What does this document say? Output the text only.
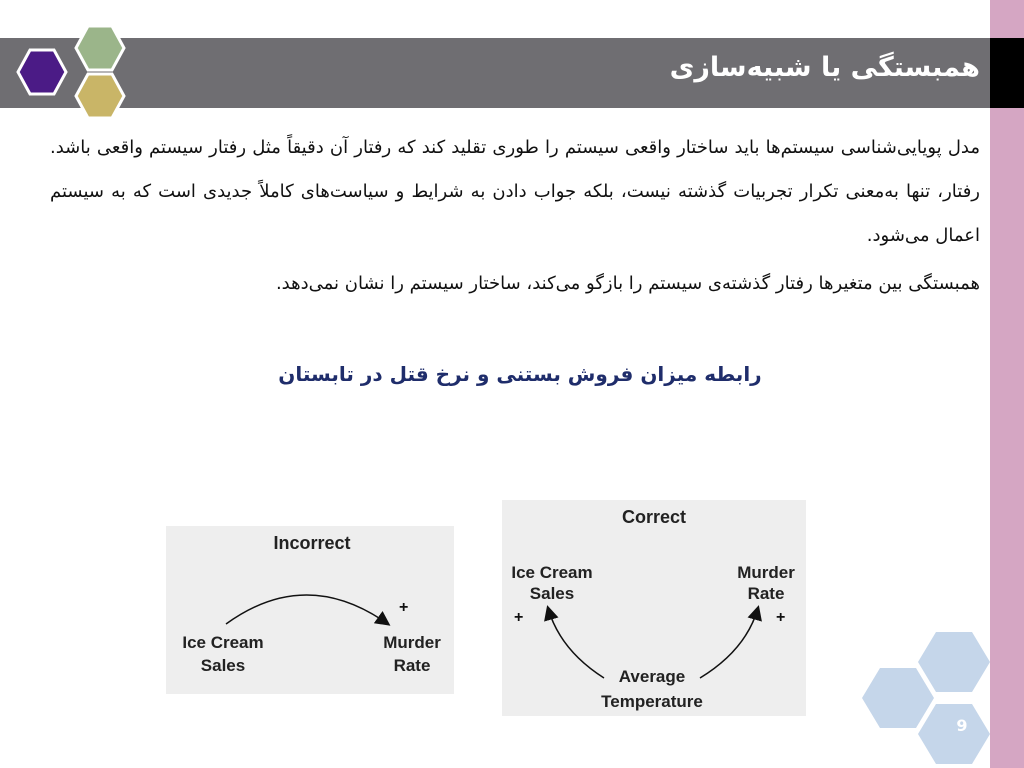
همبستگی یا شبیه‌سازی
مدل پویایی‌شناسی سیستم‌ها باید ساختار واقعی سیستم را طوری تقلید کند که رفتار آن دقیقاً مثل رفتار سیستم واقعی باشد. رفتار، تنها به‌معنی تکرار تجربیات گذشته نیست، بلکه جواب دادن به شرایط و سیاست‌های کاملاً جدیدی است که به سیستم اعمال می‌شود.
همبستگی بین متغیرها رفتار گذشته‌ی سیستم را بازگو می‌کند، ساختار سیستم را نشان نمی‌دهد.
رابطه میزان فروش بستنی و نرخ قتل در تابستان
Incorrect
+
Ice Cream
Sales
Murder
Rate
Correct
Ice Cream
Sales
Murder
Rate
Average
Temperature
+	+
9
